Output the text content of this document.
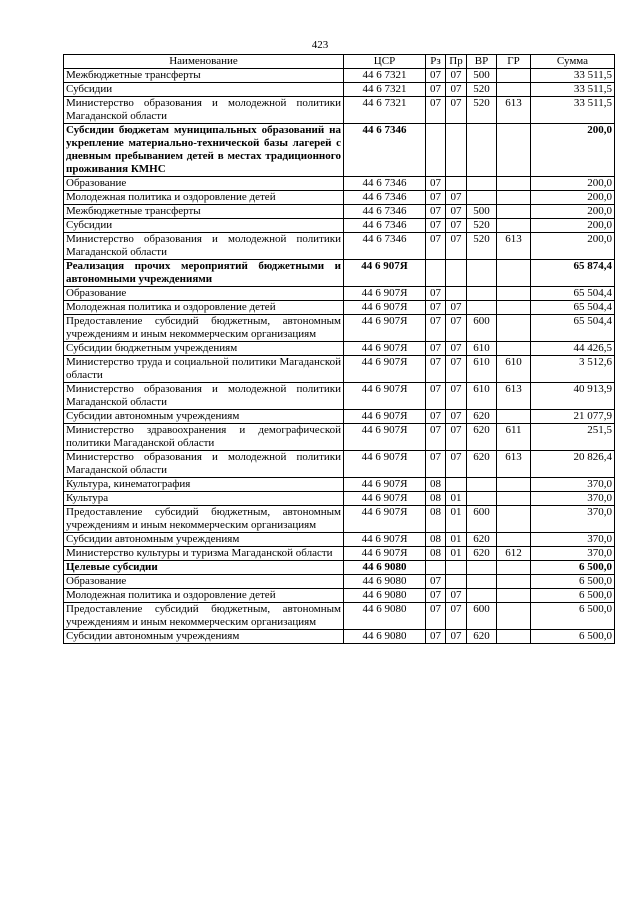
423
Наименование	ЦСР	Рз	Пр	ВР	ГР	Сумма
Межбюджетные трансферты	44 6 7321	07	07	500		33 511,5
Субсидии	44 6 7321	07	07	520		33 511,5
Министерство образования и молодежной политики Магаданской области	44 6 7321	07	07	520	613	33 511,5
Субсидии бюджетам муниципальных образований на укрепление материально-технической базы лагерей с дневным пребыванием детей в местах традиционного проживания КМНС	44 6 7346					200,0
Образование	44 6 7346	07				200,0
Молодежная политика и оздоровление детей	44 6 7346	07	07			200,0
Межбюджетные трансферты	44 6 7346	07	07	500		200,0
Субсидии	44 6 7346	07	07	520		200,0
Министерство образования и молодежной политики Магаданской области	44 6 7346	07	07	520	613	200,0
Реализация прочих мероприятий бюджетными и автономными учреждениями	44 6 907Я					65 874,4
Образование	44 6 907Я	07				65 504,4
Молодежная политика и оздоровление детей	44 6 907Я	07	07			65 504,4
Предоставление субсидий бюджетным, автономным учреждениям и иным некоммерческим организациям	44 6 907Я	07	07	600		65 504,4
Субсидии бюджетным учреждениям	44 6 907Я	07	07	610		44 426,5
Министерство труда и социальной политики Магаданской области	44 6 907Я	07	07	610	610	3 512,6
Министерство образования и молодежной политики Магаданской области	44 6 907Я	07	07	610	613	40 913,9
Субсидии автономным учреждениям	44 6 907Я	07	07	620		21 077,9
Министерство здравоохранения и демографической политики Магаданской области	44 6 907Я	07	07	620	611	251,5
Министерство образования и молодежной политики Магаданской области	44 6 907Я	07	07	620	613	20 826,4
Культура, кинематография	44 6 907Я	08				370,0
Культура	44 6 907Я	08	01			370,0
Предоставление субсидий бюджетным, автономным учреждениям и иным некоммерческим организациям	44 6 907Я	08	01	600		370,0
Субсидии автономным учреждениям	44 6 907Я	08	01	620		370,0
Министерство культуры и туризма Магаданской области	44 6 907Я	08	01	620	612	370,0
Целевые субсидии	44 6 9080					6 500,0
Образование	44 6 9080	07				6 500,0
Молодежная политика и оздоровление детей	44 6 9080	07	07			6 500,0
Предоставление субсидий бюджетным, автономным учреждениям и иным некоммерческим организациям	44 6 9080	07	07	600		6 500,0
Субсидии автономным учреждениям	44 6 9080	07	07	620		6 500,0
